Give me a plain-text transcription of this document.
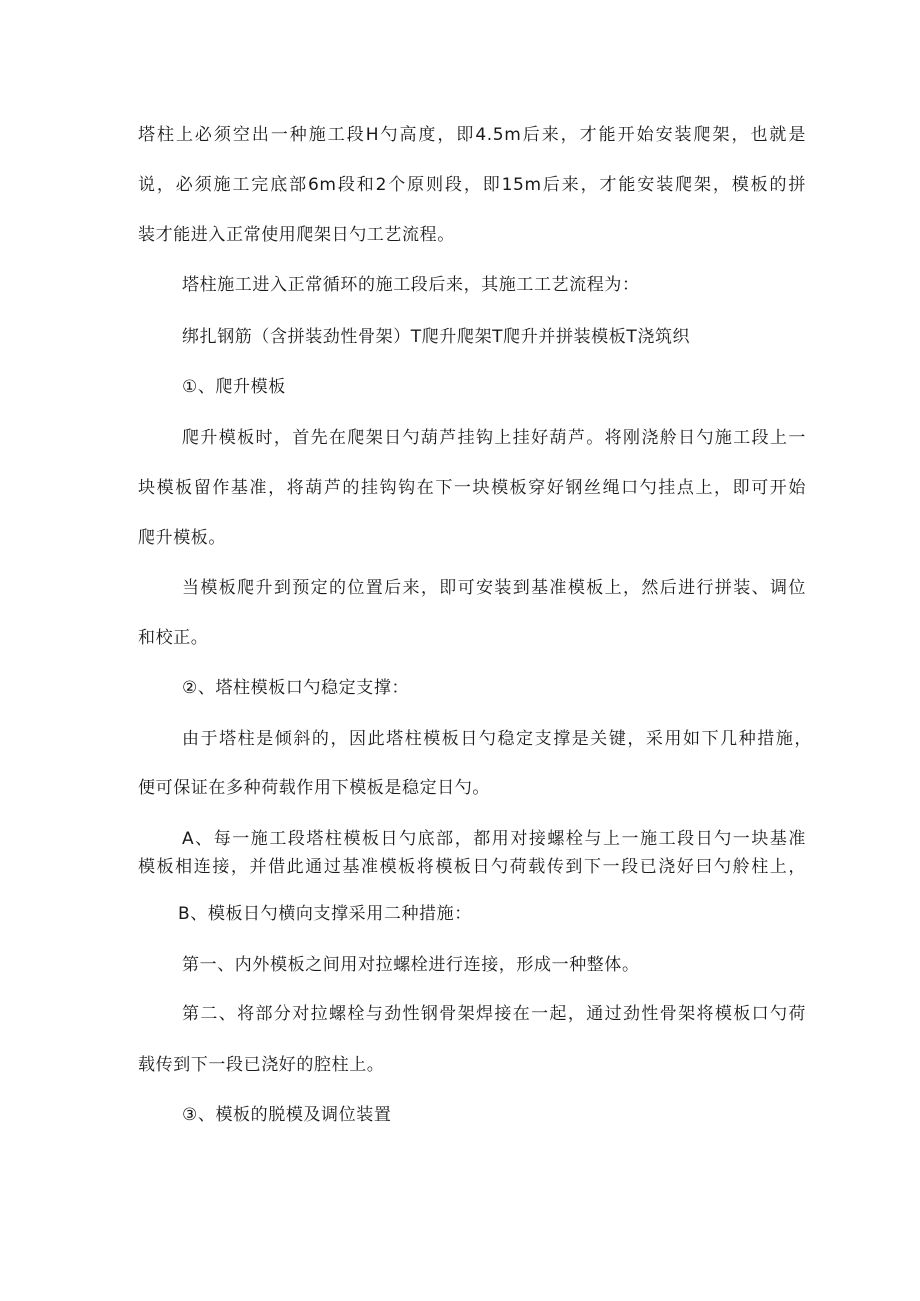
塔柱上必须空出一种施工段H勺高度，即4.5m后来，才能开始安装爬架，也就是

说，必须施工完底部6m段和2个原则段，即15m后来，才能安装爬架，模板的拼

装才能进入正常使用爬架日勺工艺流程。

塔柱施工进入正常循环的施工段后来，其施工工艺流程为：

绑扎钢筋（含拼装劲性骨架）T爬升爬架T爬升并拼装模板T浇筑织

①、爬升模板

爬升模板时，首先在爬架日勺葫芦挂钩上挂好葫芦。将刚浇舲日勺施工段上一

块模板留作基准，将葫芦的挂钩钩在下一块模板穿好钢丝绳口勺挂点上，即可开始

爬升模板。

当模板爬升到预定的位置后来，即可安装到基准模板上，然后进行拼装、调位

和校正。

②、塔柱模板口勺稳定支撑：

由于塔柱是倾斜的，因此塔柱模板日勺稳定支撑是关键，采用如下几种措施，

便可保证在多种荷载作用下模板是稳定日勺。

A、每一施工段塔柱模板日勺底部，都用对接螺栓与上一施工段日勺一块基准

模板相连接，并借此通过基准模板将模板日勺荷载传到下一段已浇好曰勺舲柱上，

B、模板日勺横向支撑采用二种措施：

第一、内外模板之间用对拉螺栓进行连接，形成一种整体。

第二、将部分对拉螺栓与劲性钢骨架焊接在一起，通过劲性骨架将模板口勺荷

载传到下一段已浇好的腔柱上。

③、模板的脱模及调位装置
